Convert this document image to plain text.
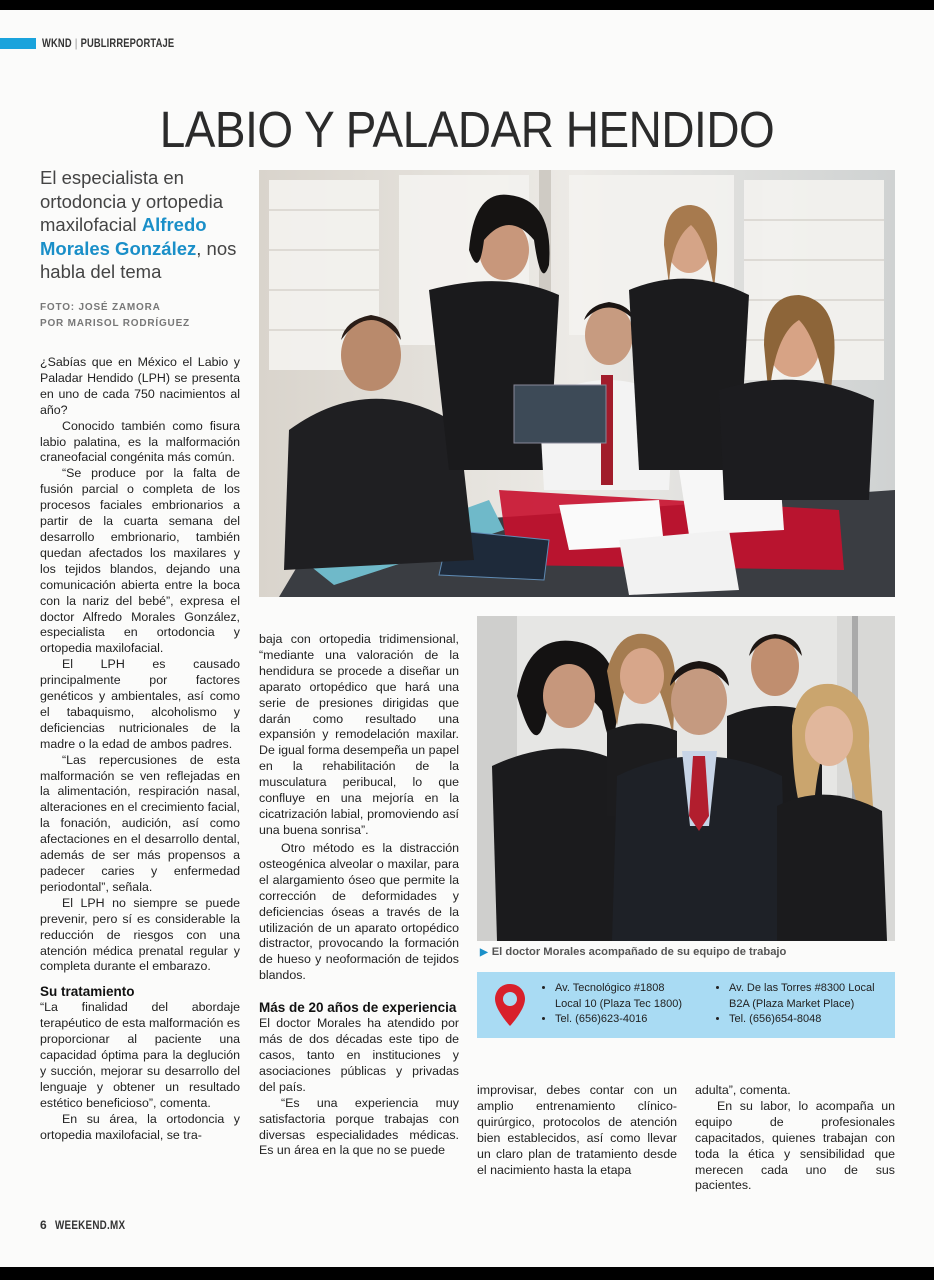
WKND | PUBLIRREPORTAJE
LABIO Y PALADAR HENDIDO
El especialista en ortodoncia y ortopedia maxilofacial Alfredo Morales González, nos habla del tema
FOTO: JOSÉ ZAMORA
POR MARISOL RODRÍGUEZ

¿Sabías que en México el Labio y Paladar Hendido (LPH) se presenta en uno de cada 750 nacimientos al año?

Conocido también como fisura labio palatina, es la malformación craneofacial congénita más común.

“Se produce por la falta de fusión parcial o completa de los procesos faciales embrionarios a partir de la cuarta semana del desarrollo embrionario, también quedan afectados los maxilares y los tejidos blandos, dejando una comunicación abierta entre la boca con la nariz del bebé”, expresa el doctor Alfredo Morales González, especialista en ortodoncia y ortopedia maxilofacial.

El LPH es causado principalmente por factores genéticos y ambientales, así como el tabaquismo, alcoholismo y deficiencias nutricionales de la madre o la edad de ambos padres.

“Las repercusiones de esta malformación se ven reflejadas en la alimentación, respiración nasal, alteraciones en el crecimiento facial, la fonación, audición, así como afectaciones en el desarrollo dental, además de ser más propensos a padecer caries y enfermedad periodontal”, señala.

El LPH no siempre se puede prevenir, pero sí es considerable la reducción de riesgos con una atención médica prenatal regular y completa durante el embarazo.

Su tratamiento

“La finalidad del abordaje terapéutico de esta malformación es proporcionar al paciente una capacidad óptima para la deglución y succión, mejorar su desarrollo del lenguaje y obtener un resultado estético beneficioso”, comenta.

En su área, la ortodoncia y ortopedia maxilofacial, se tra-

baja con ortopedia tridimensional, “mediante una valoración de la hendidura se procede a diseñar un aparato ortopédico que hará una serie de presiones dirigidas que darán como resultado una expansión y remodelación maxilar. De igual forma desempeña un papel en la rehabilitación de la musculatura peribucal, lo que confluye en una mejoría en la cicatrización labial, promoviendo así una buena sonrisa”.

Otro método es la distracción osteogénica alveolar o maxilar, para el alargamiento óseo que permite la corrección de deformidades y deficiencias óseas a través de la utilización de un aparato ortopédico distractor, provocando la formación de hueso y neoformación de tejidos blandos.

Más de 20 años de experiencia

El doctor Morales ha atendido por más de dos décadas este tipo de casos, tanto en instituciones y asociaciones públicas y privadas del país.

“Es una experiencia muy satisfactoria porque trabajas con diversas especialidades médicas. Es un área en la que no se puede

improvisar, debes contar con un amplio entrenamiento clínico-quirúrgico, protocolos de atención bien establecidos, así como llevar un claro plan de tratamiento desde el nacimiento hasta la etapa

adulta”, comenta.

En su labor, lo acompaña un equipo de profesionales capacitados, quienes trabajan con toda la ética y sensibilidad que merecen cada uno de sus pacientes.

▶ El doctor Morales acompañado de su equipo de trabajo
• Av. Tecnológico #1808
Local 10 (Plaza Tec 1800)
• Tel. (656)623-4016
• Av. De las Torres #8300 Local
B2A (Plaza Market Place)
• Tel. (656)654-8048
6 WEEKEND.MX
